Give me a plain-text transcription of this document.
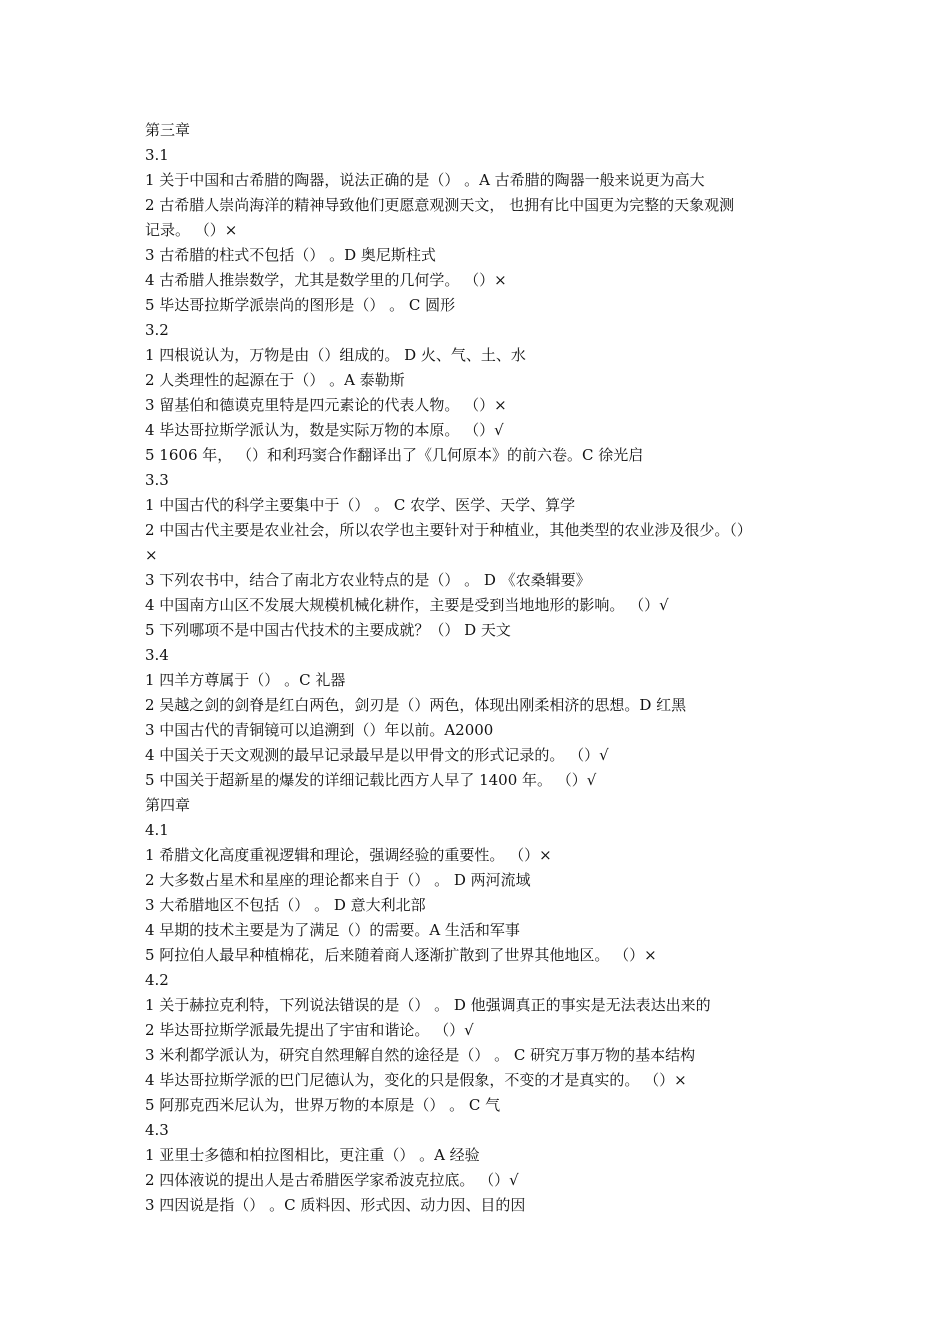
第三章
3.1
1 关于中国和古希腊的陶器，说法正确的是（） 。A 古希腊的陶器一般来说更为高大
2 古希腊人崇尚海洋的精神导致他们更愿意观测天文， 也拥有比中国更为完整的天象观测
记录。 （）×
3 古希腊的柱式不包括（） 。D 奥尼斯柱式
4 古希腊人推崇数学，尤其是数学里的几何学。 （）×
5 毕达哥拉斯学派崇尚的图形是（） 。 C 圆形
3.2
1 四根说认为，万物是由（）组成的。 D 火、气、土、水
2 人类理性的起源在于（） 。A 泰勒斯
3 留基伯和德谟克里特是四元素论的代表人物。 （）×
4 毕达哥拉斯学派认为，数是实际万物的本原。 （）√
5 1606 年， （）和利玛窦合作翻译出了《几何原本》的前六卷。C 徐光启
3.3
1 中国古代的科学主要集中于（） 。 C 农学、医学、天学、算学
2 中国古代主要是农业社会，所以农学也主要针对于种植业，其他类型的农业涉及很少。（）
×
3 下列农书中，结合了南北方农业特点的是（） 。 D 《农桑辑要》
4 中国南方山区不发展大规模机械化耕作，主要是受到当地地形的影响。 （）√
5 下列哪项不是中国古代技术的主要成就？（） D 天文
3.4
1 四羊方尊属于（） 。C 礼器
2 吴越之剑的剑脊是红白两色，剑刃是（）两色，体现出刚柔相济的思想。D 红黑
3 中国古代的青铜镜可以追溯到（）年以前。A2000
4 中国关于天文观测的最早记录最早是以甲骨文的形式记录的。 （）√
5 中国关于超新星的爆发的详细记载比西方人早了 1400 年。 （）√
第四章
4.1
1 希腊文化高度重视逻辑和理论，强调经验的重要性。 （）×
2 大多数占星术和星座的理论都来自于（） 。 D 两河流域
3 大希腊地区不包括（） 。 D 意大利北部
4 早期的技术主要是为了满足（）的需要。A 生活和军事
5 阿拉伯人最早种植棉花，后来随着商人逐渐扩散到了世界其他地区。 （）×
4.2
1 关于赫拉克利特，下列说法错误的是（） 。 D 他强调真正的事实是无法表达出来的
2 毕达哥拉斯学派最先提出了宇宙和谐论。 （）√
3 米利都学派认为，研究自然理解自然的途径是（） 。 C 研究万事万物的基本结构
4 毕达哥拉斯学派的巴门尼德认为，变化的只是假象，不变的才是真实的。 （）×
5 阿那克西米尼认为，世界万物的本原是（） 。 C 气
4.3
1 亚里士多德和柏拉图相比，更注重（） 。A 经验
2 四体液说的提出人是古希腊医学家希波克拉底。 （）√
3 四因说是指（） 。C 质料因、形式因、动力因、目的因
